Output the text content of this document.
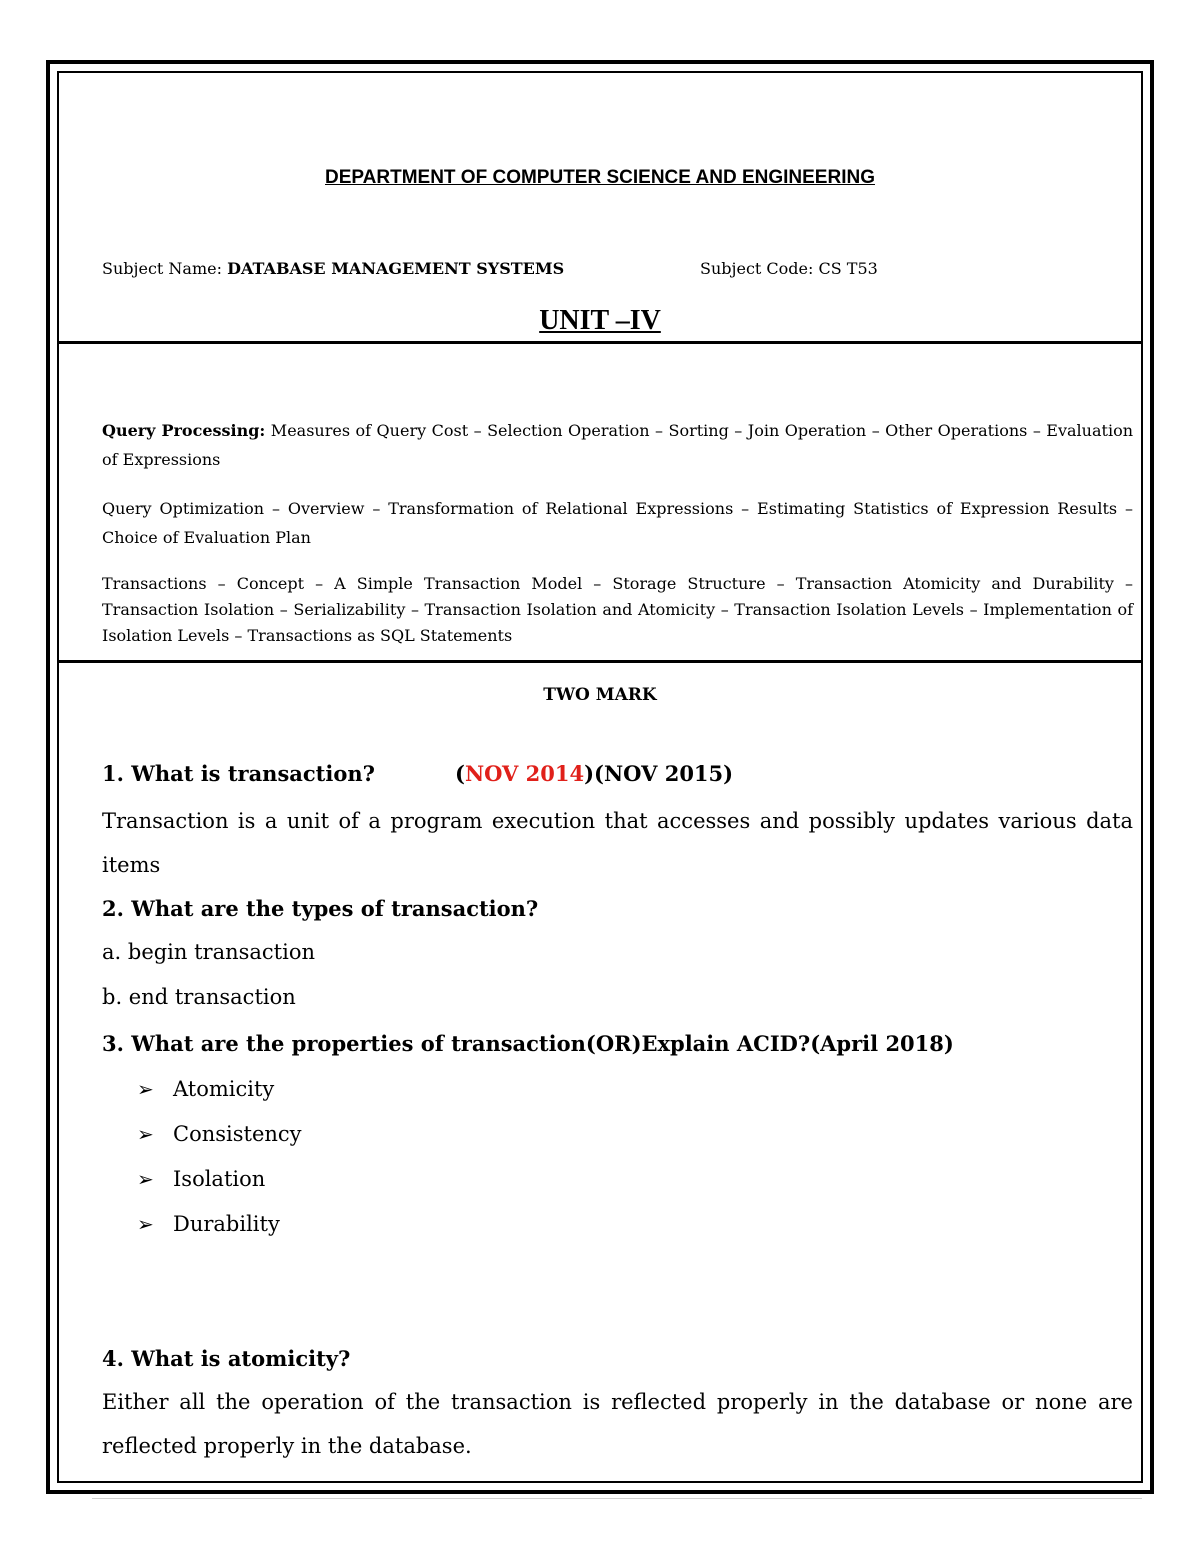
DEPARTMENT OF COMPUTER SCIENCE AND ENGINEERING
Subject Name: DATABASE MANAGEMENT SYSTEMS	Subject Code: CS T53
UNIT –IV
Query Processing: Measures of Query Cost – Selection Operation – Sorting – Join Operation – Other Operations – Evaluation of Expressions
Query Optimization – Overview – Transformation of Relational Expressions – Estimating Statistics of Expression Results – Choice of Evaluation Plan
Transactions – Concept – A Simple Transaction Model – Storage Structure – Transaction Atomicity and Durability – Transaction Isolation – Serializability – Transaction Isolation and Atomicity – Transaction Isolation Levels – Implementation of Isolation Levels – Transactions as SQL Statements
TWO MARK
1. What is transaction?	(NOV 2014)(NOV 2015)
Transaction is a unit of a program execution that accesses and possibly updates various data items
2. What are the types of transaction?
a. begin transaction
b. end transaction
3. What are the properties of transaction(OR)Explain ACID?(April 2018)
➢ Atomicity
➢ Consistency
➢ Isolation
➢ Durability
4. What is atomicity?
Either all the operation of the transaction is reflected properly in the database or none are reflected properly in the database.
